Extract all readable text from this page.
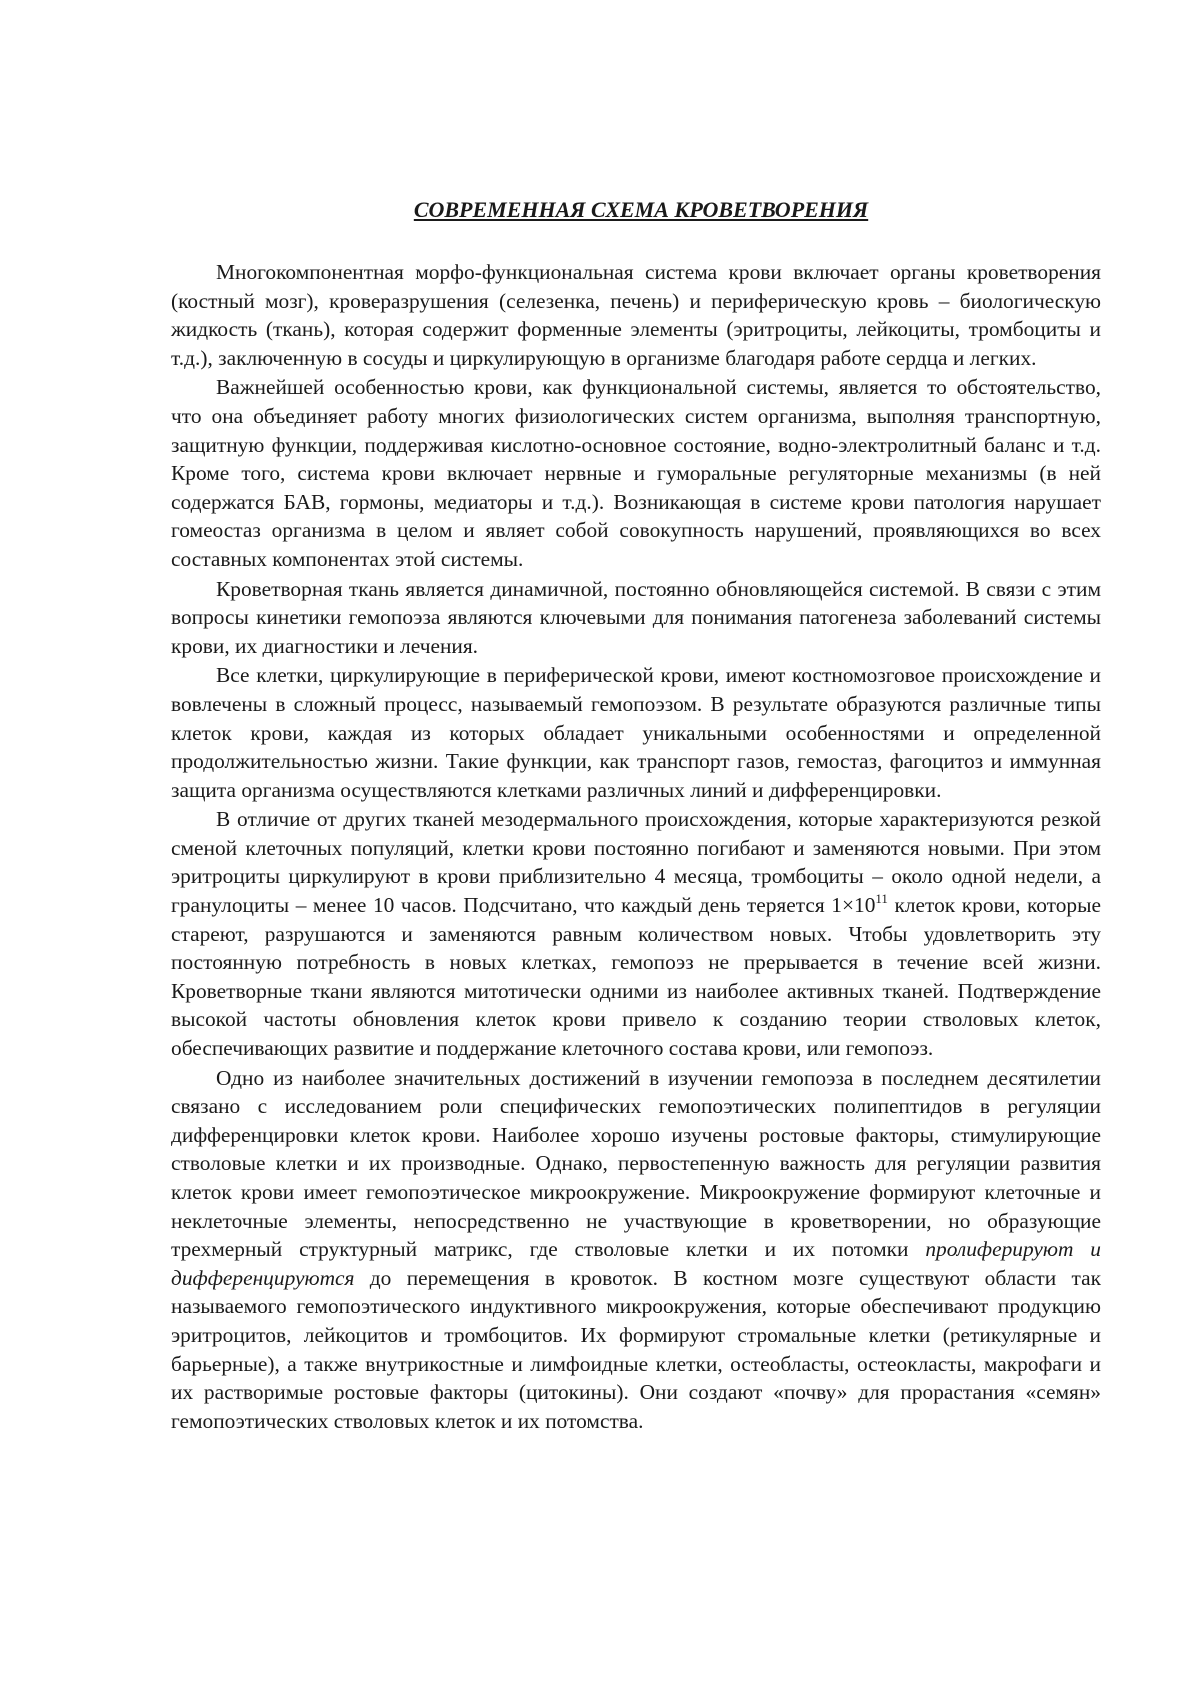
СОВРЕМЕННАЯ СХЕМА КРОВЕТВОРЕНИЯ

Многокомпонентная морфо-функциональная система крови включает органы кроветворения (костный мозг), кроверазрушения (селезенка, печень) и периферическую кровь – биологическую жидкость (ткань), которая содержит форменные элементы (эритроциты, лейкоциты, тромбоциты и т.д.), заключенную в сосуды и циркулирующую в организме благодаря работе сердца и легких.

Важнейшей особенностью крови, как функциональной системы, является то обстоятельство, что она объединяет работу многих физиологических систем организма, выполняя транспортную, защитную функции, поддерживая кислотно-основное состояние, водно-электролитный баланс и т.д. Кроме того, система крови включает нервные и гуморальные регуляторные механизмы (в ней содержатся БАВ, гормоны, медиаторы и т.д.). Возникающая в системе крови патология нарушает гомеостаз организма в целом и являет собой совокупность нарушений, проявляющихся во всех составных компонентах этой системы.

Кроветворная ткань является динамичной, постоянно обновляющейся системой. В связи с этим вопросы кинетики гемопоэза являются ключевыми для понимания патогенеза заболеваний системы крови, их диагностики и лечения.

Все клетки, циркулирующие в периферической крови, имеют костномозговое происхождение и вовлечены в сложный процесс, называемый гемопоэзом. В результате образуются различные типы клеток крови, каждая из которых обладает уникальными особенностями и определенной продолжительностью жизни. Такие функции, как транспорт газов, гемостаз, фагоцитоз и иммунная защита организма осуществляются клетками различных линий и дифференцировки.

В отличие от других тканей мезодермального происхождения, которые характеризуются резкой сменой клеточных популяций, клетки крови постоянно погибают и заменяются новыми. При этом эритроциты циркулируют в крови приблизительно 4 месяца, тромбоциты – около одной недели, а гранулоциты – менее 10 часов. Подсчитано, что каждый день теряется $1\times 10^{11}$ клеток крови, которые стареют, разрушаются и заменяются равным количеством новых. Чтобы удовлетворить эту постоянную потребность в новых клетках, гемопоэз не прерывается в течение всей жизни. Кроветворные ткани являются митотически одними из наиболее активных тканей. Подтверждение высокой частоты обновления клеток крови привело к созданию теории стволовых клеток, обеспечивающих развитие и поддержание клеточного состава крови, или гемопоэз.

Одно из наиболее значительных достижений в изучении гемопоэза в последнем десятилетии связано с исследованием роли специфических гемопоэтических полипептидов в регуляции дифференцировки клеток крови. Наиболее хорошо изучены ростовые факторы, стимулирующие стволовые клетки и их производные. Однако, первостепенную важность для регуляции развития клеток крови имеет гемопоэтическое микроокружение. Микроокружение формируют клеточные и неклеточные элементы, непосредственно не участвующие в кроветворении, но образующие трехмерный структурный матрикс, где стволовые клетки и их потомки пролиферируют и дифференцируются до перемещения в кровоток. В костном мозге существуют области так называемого гемопоэтического индуктивного микроокружения, которые обеспечивают продукцию эритроцитов, лейкоцитов и тромбоцитов. Их формируют стромальные клетки (ретикулярные и барьерные), а также внутрикостные и лимфоидные клетки, остеобласты, остеокласты, макрофаги и их растворимые ростовые факторы (цитокины). Они создают «почву» для прорастания «семян» гемопоэтических стволовых клеток и их потомства.
